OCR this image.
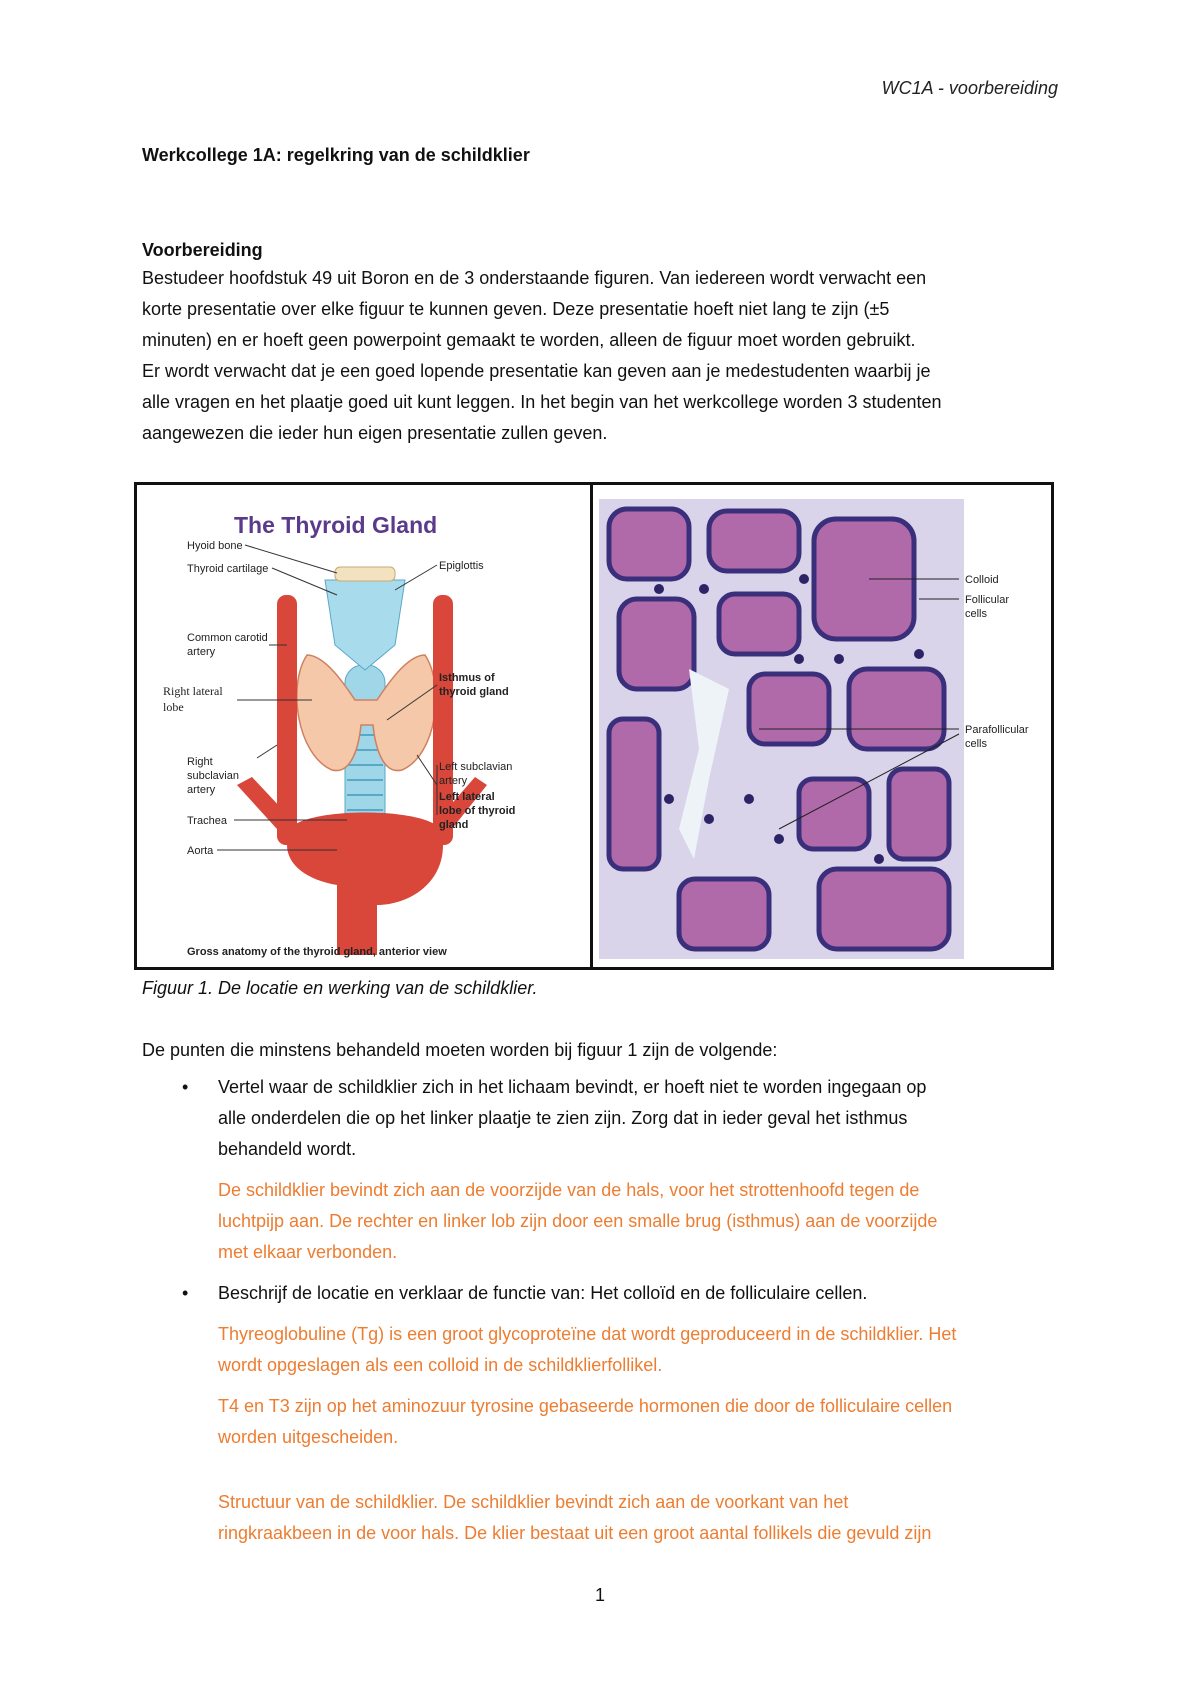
WC1A - voorbereiding
Werkcollege 1A: regelkring van de schildklier
Voorbereiding

Bestudeer hoofdstuk 49 uit Boron en de 3 onderstaande figuren. Van iedereen wordt verwacht een

korte presentatie over elke figuur te kunnen geven. Deze presentatie hoeft niet lang te zijn (±5

minuten) en er hoeft geen powerpoint gemaakt te worden, alleen de figuur moet worden gebruikt.

Er wordt verwacht dat je een goed lopende presentatie kan geven aan je medestudenten waarbij je

alle vragen en het plaatje goed uit kunt leggen. In het begin van het werkcollege worden 3 studenten

aangewezen die ieder hun eigen presentatie zullen geven.

The Thyroid Gland
Hyoid bone
Thyroid cartilage	Epiglottis
Common carotid
artery
Right lateral
lobe
Isthmus of
thyroid gland
Right
subclavian
artery
Left subclavian
artery
Left lateral
lobe of thyroid
gland
Trachea
Aorta
Gross anatomy of the thyroid gland, anterior view
Colloid
Follicular
cells
Parafollicular
cells
Figuur 1. De locatie en werking van de schildklier.
De punten die minstens behandeld moeten worden bij figuur 1 zijn de volgende:
• Vertel waar de schildklier zich in het lichaam bevindt, er hoeft niet te worden ingegaan op
alle onderdelen die op het linker plaatje te zien zijn. Zorg dat in ieder geval het isthmus
behandeld wordt.
De schildklier bevindt zich aan de voorzijde van de hals, voor het strottenhoofd tegen de
luchtpijp aan. De rechter en linker lob zijn door een smalle brug (isthmus) aan de voorzijde
met elkaar verbonden.
• Beschrijf de locatie en verklaar de functie van: Het colloïd en de folliculaire cellen.
Thyreoglobuline (Tg) is een groot glycoproteïne dat wordt geproduceerd in de schildklier. Het
wordt opgeslagen als een colloid in de schildklierfollikel.
T4 en T3 zijn op het aminozuur tyrosine gebaseerde hormonen die door de folliculaire cellen
worden uitgescheiden.
Structuur van de schildklier. De schildklier bevindt zich aan de voorkant van het
ringkraakbeen in de voor hals. De klier bestaat uit een groot aantal follikels die gevuld zijn
1
